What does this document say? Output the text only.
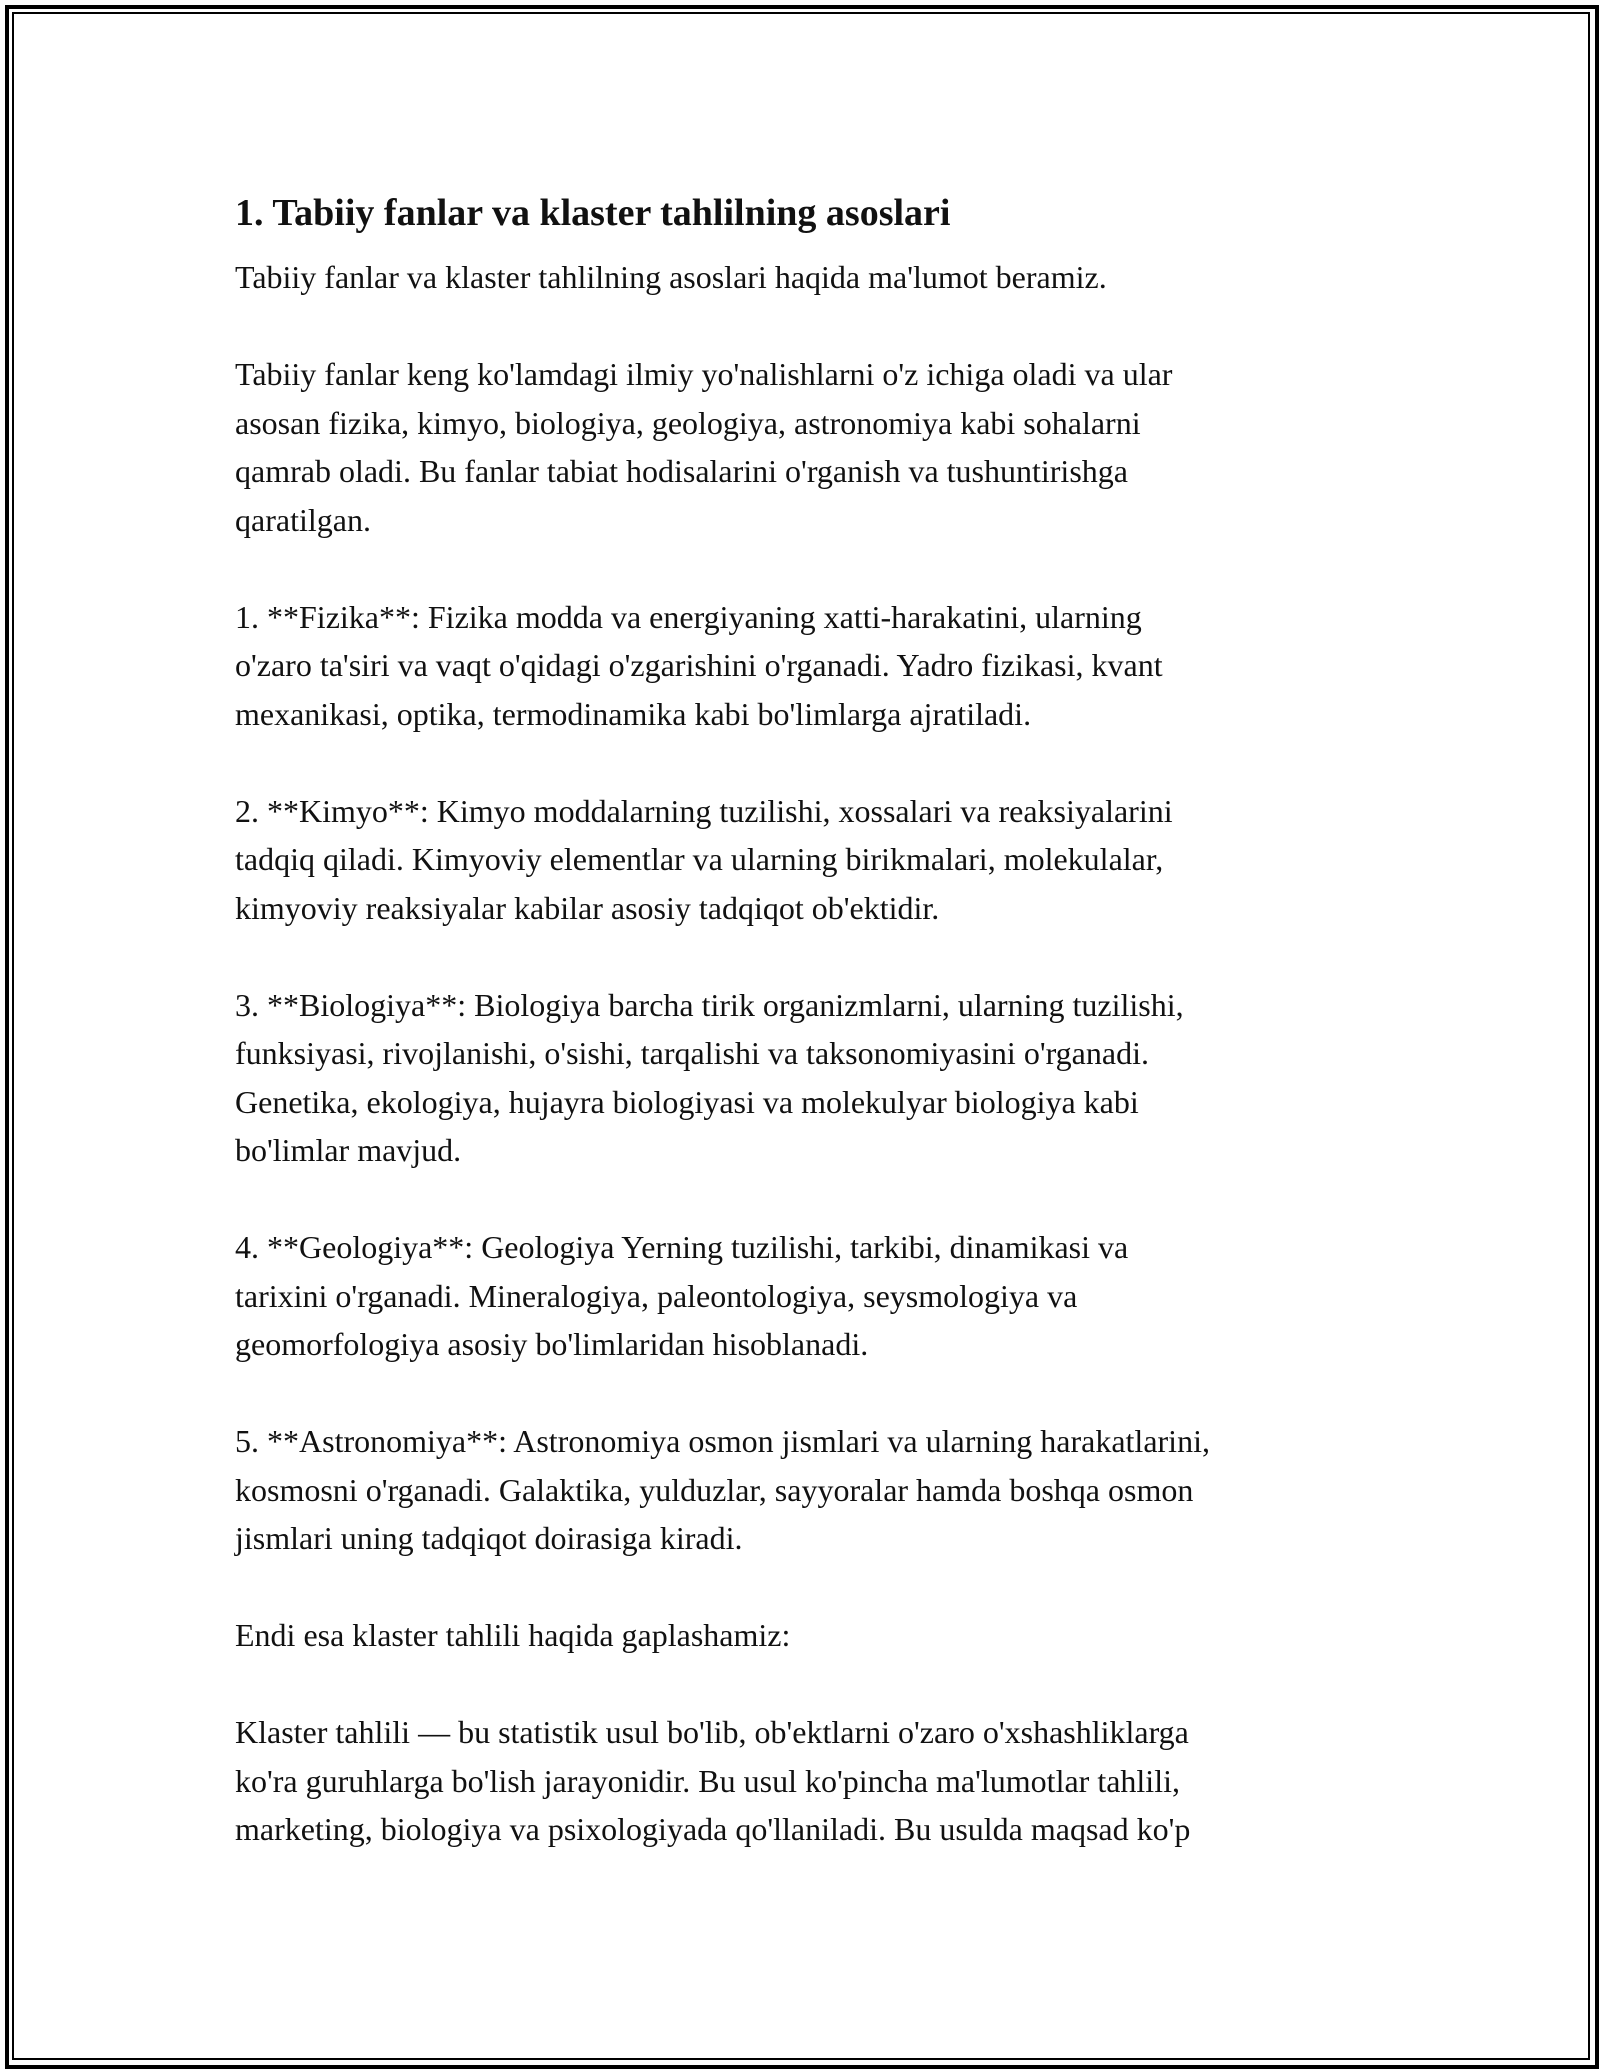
1. Tabiiy fanlar va klaster tahlilning asoslari

Tabiiy fanlar va klaster tahlilning asoslari haqida ma'lumot beramiz.

Tabiiy fanlar keng ko'lamdagi ilmiy yo'nalishlarni o'z ichiga oladi va ular
asosan fizika, kimyo, biologiya, geologiya, astronomiya kabi sohalarni
qamrab oladi. Bu fanlar tabiat hodisalarini o'rganish va tushuntirishga
qaratilgan.

1. **Fizika**: Fizika modda va energiyaning xatti-harakatini, ularning
o'zaro ta'siri va vaqt o'qidagi o'zgarishini o'rganadi. Yadro fizikasi, kvant
mexanikasi, optika, termodinamika kabi bo'limlarga ajratiladi.

2. **Kimyo**: Kimyo moddalarning tuzilishi, xossalari va reaksiyalarini
tadqiq qiladi. Kimyoviy elementlar va ularning birikmalari, molekulalar,
kimyoviy reaksiyalar kabilar asosiy tadqiqot ob'ektidir.

3. **Biologiya**: Biologiya barcha tirik organizmlarni, ularning tuzilishi,
funksiyasi, rivojlanishi, o'sishi, tarqalishi va taksonomiyasini o'rganadi.
Genetika, ekologiya, hujayra biologiyasi va molekulyar biologiya kabi
bo'limlar mavjud.

4. **Geologiya**: Geologiya Yerning tuzilishi, tarkibi, dinamikasi va
tarixini o'rganadi. Mineralogiya, paleontologiya, seysmologiya va
geomorfologiya asosiy bo'limlaridan hisoblanadi.

5. **Astronomiya**: Astronomiya osmon jismlari va ularning harakatlarini,
kosmosni o'rganadi. Galaktika, yulduzlar, sayyoralar hamda boshqa osmon
jismlari uning tadqiqot doirasiga kiradi.

Endi esa klaster tahlili haqida gaplashamiz:

Klaster tahlili — bu statistik usul bo'lib, ob'ektlarni o'zaro o'xshashliklarga
ko'ra guruhlarga bo'lish jarayonidir. Bu usul ko'pincha ma'lumotlar tahlili,
marketing, biologiya va psixologiyada qo'llaniladi. Bu usulda maqsad ko'p
